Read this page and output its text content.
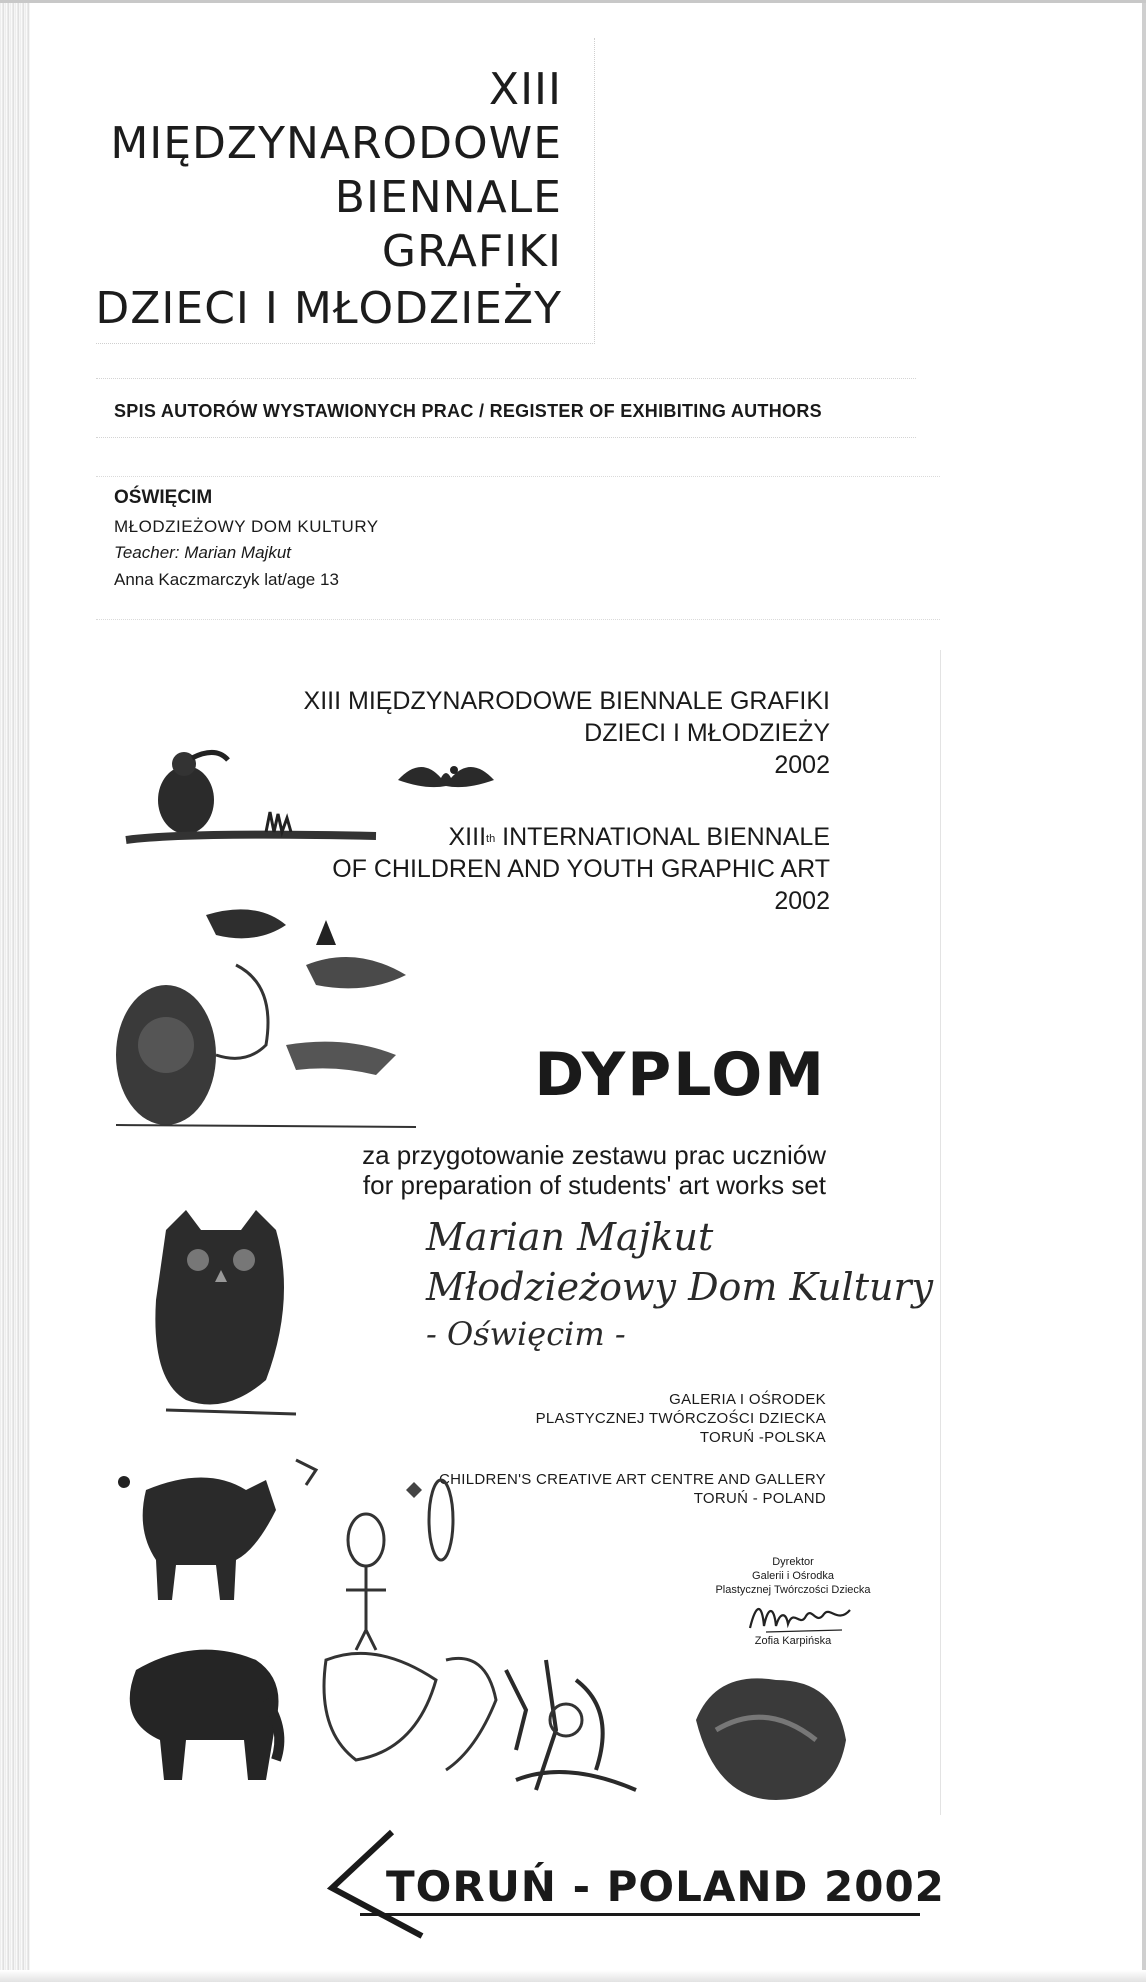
XIII
MIĘDZYNARODOWE
BIENNALE
GRAFIKI
DZIECI I MŁODZIEŻY
SPIS AUTORÓW WYSTAWIONYCH PRAC / REGISTER OF EXHIBITING AUTHORS
OŚWIĘCIM
MŁODZIEŻOWY DOM KULTURY
Teacher: Marian Majkut
Anna Kaczmarczyk lat/age 13
XIII MIĘDZYNARODOWE BIENNALE GRAFIKI
DZIECI I MŁODZIEŻY
2002
XIIIth INTERNATIONAL BIENNALE
OF CHILDREN AND YOUTH GRAPHIC ART
2002
DYPLOM
za przygotowanie zestawu prac uczniów
for preparation of students' art works set
Marian Majkut
Młodzieżowy Dom Kultury
- Oświęcim -
GALERIA I OŚRODEK
PLASTYCZNEJ TWÓRCZOŚCI DZIECKA
TORUŃ -POLSKA
CHILDREN'S CREATIVE ART CENTRE AND GALLERY
TORUŃ - POLAND
Dyrektor
Galerii i Ośrodka
Plastycznej Twórczości Dziecka
Zofia Karpińska
TORUŃ - POLAND 2002
